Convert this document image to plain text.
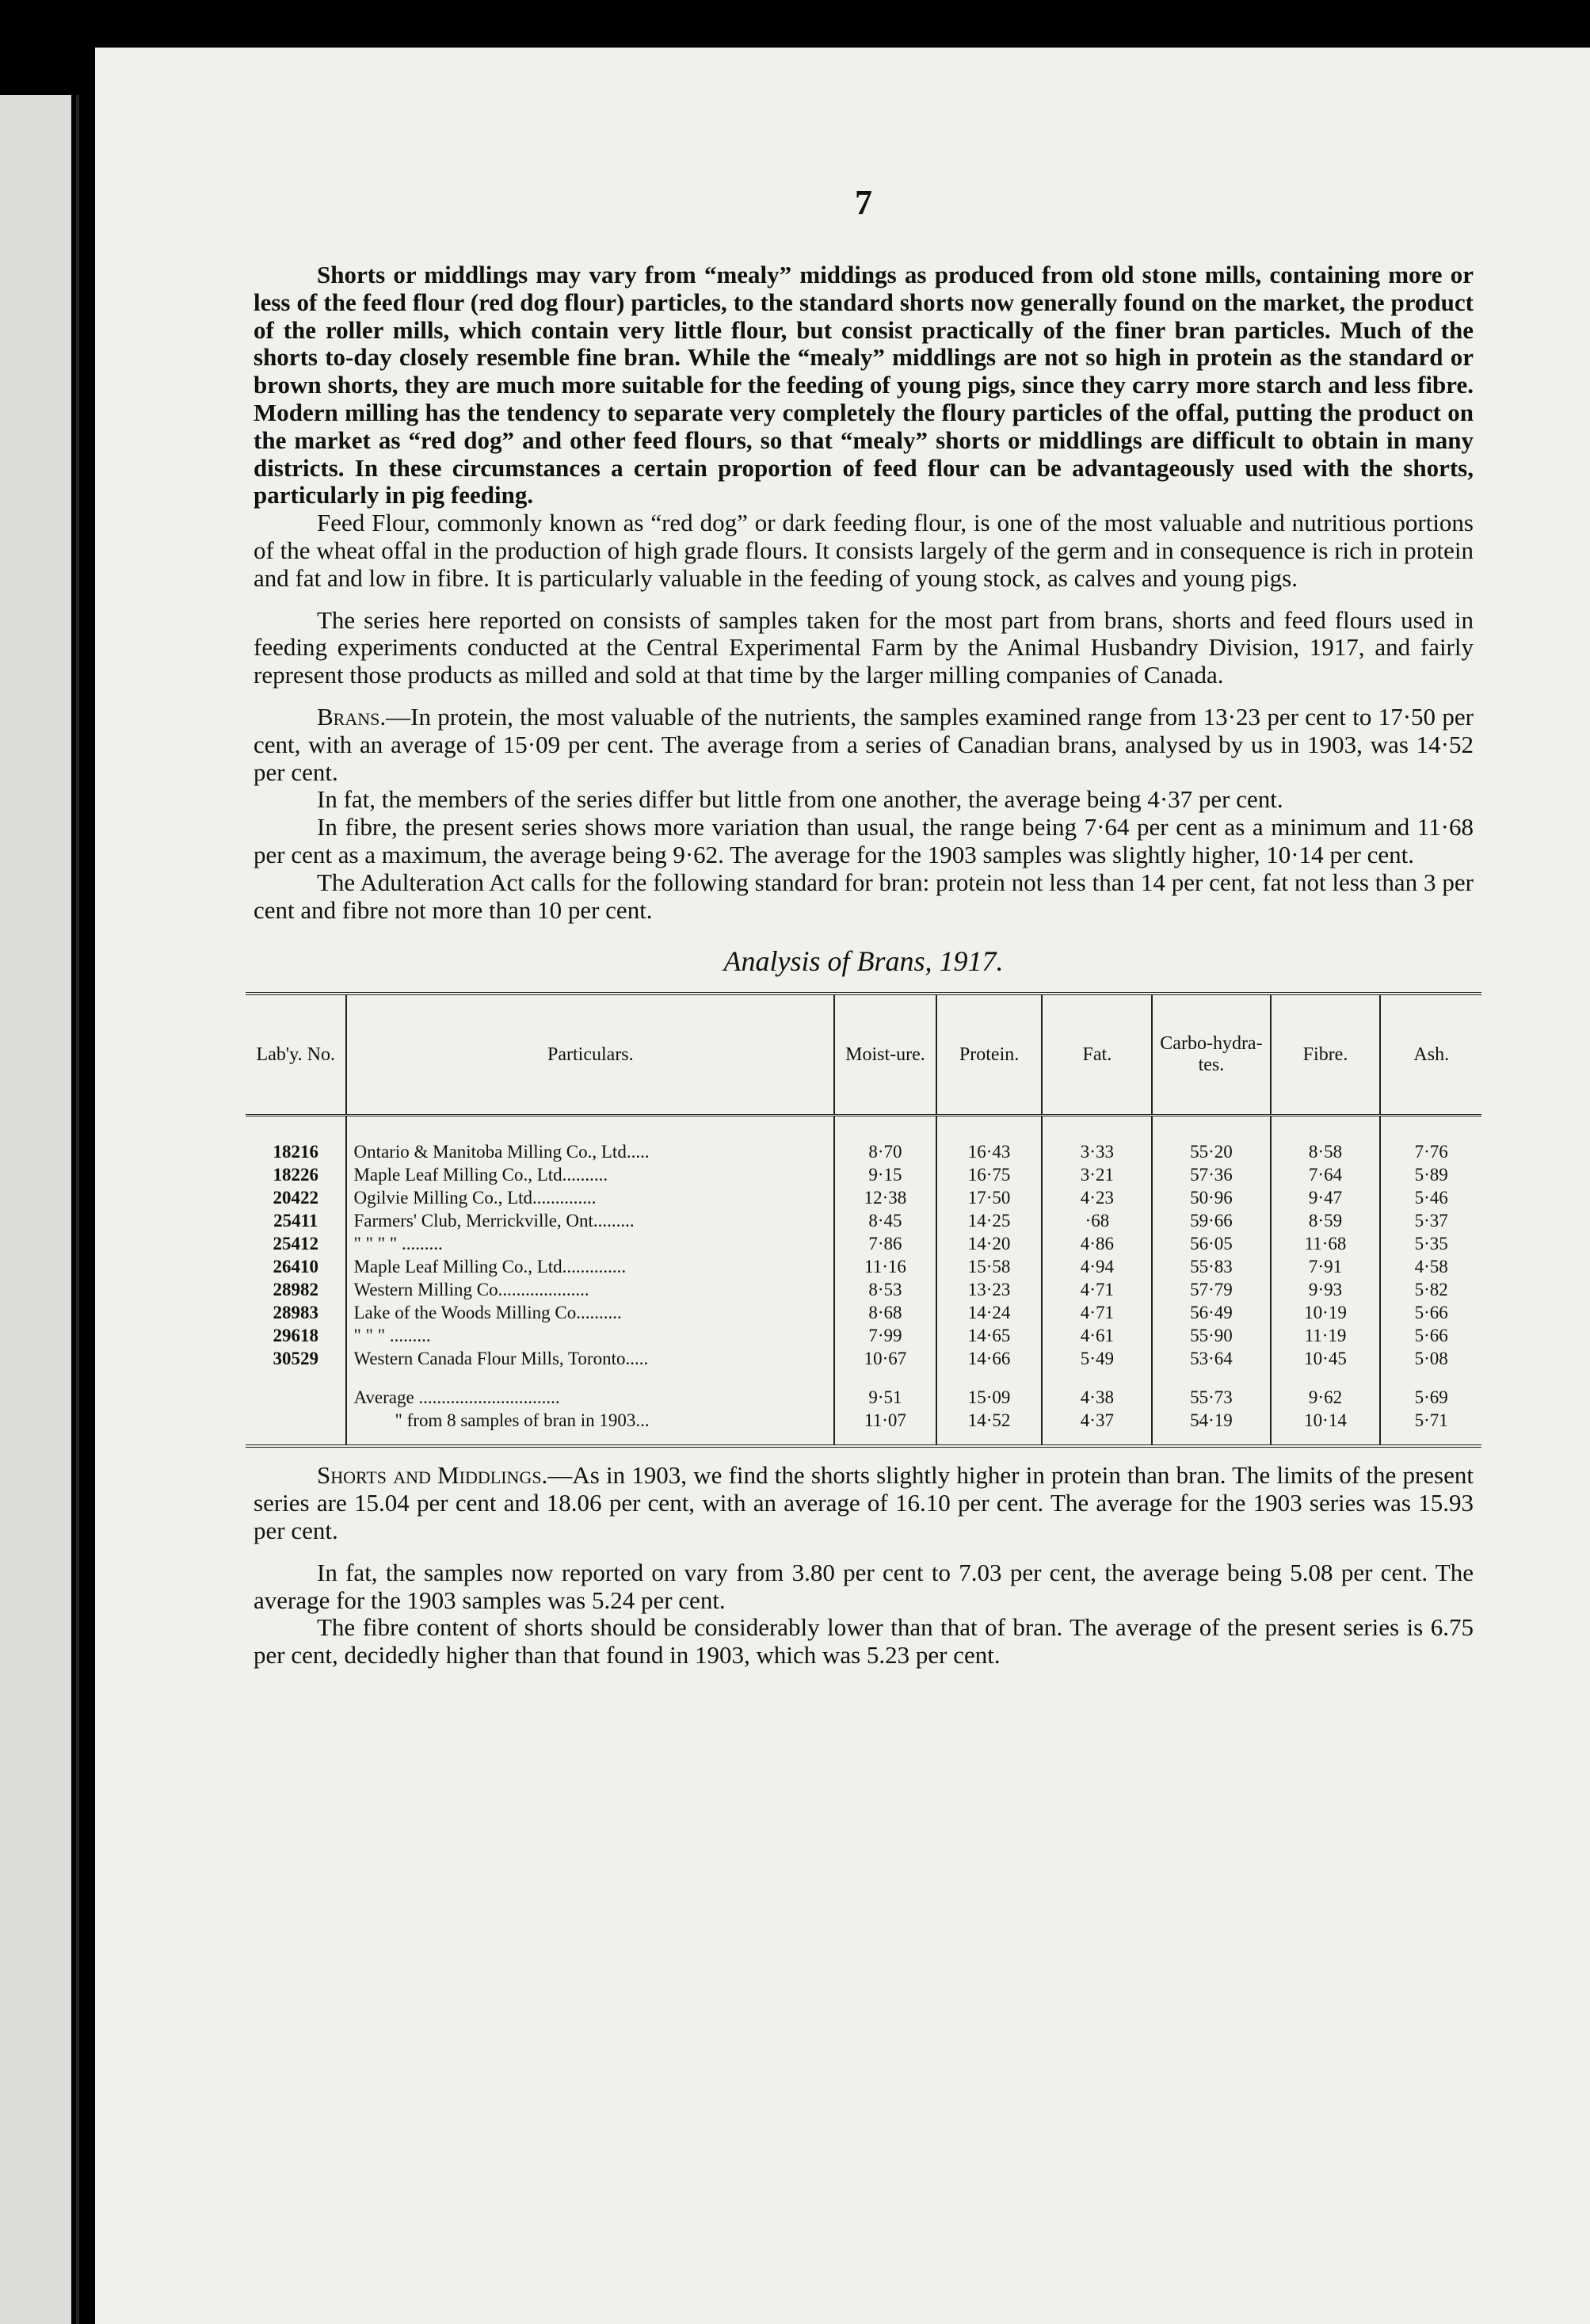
7

Shorts or middlings may vary from “mealy” middings as produced from old stone mills, containing more or less of the feed flour (red dog flour) particles, to the standard shorts now generally found on the market, the product of the roller mills, which contain very little flour, but consist practically of the finer bran particles. Much of the shorts to-day closely resemble fine bran. While the “mealy” middlings are not so high in protein as the standard or brown shorts, they are much more suitable for the feeding of young pigs, since they carry more starch and less fibre. Modern milling has the tendency to separate very completely the floury particles of the offal, putting the product on the market as “red dog” and other feed flours, so that “mealy” shorts or middlings are difficult to obtain in many districts. In these circumstances a certain proportion of feed flour can be advantageously used with the shorts, particularly in pig feeding.

Feed Flour, commonly known as “red dog” or dark feeding flour, is one of the most valuable and nutritious portions of the wheat offal in the production of high grade flours. It consists largely of the germ and in consequence is rich in protein and fat and low in fibre. It is particularly valuable in the feeding of young stock, as calves and young pigs.

The series here reported on consists of samples taken for the most part from brans, shorts and feed flours used in feeding experiments conducted at the Central Experimental Farm by the Animal Husbandry Division, 1917, and fairly represent those products as milled and sold at that time by the larger milling companies of Canada.

Brans.—In protein, the most valuable of the nutrients, the samples examined range from 13·23 per cent to 17·50 per cent, with an average of 15·09 per cent. The average from a series of Canadian brans, analysed by us in 1903, was 14·52 per cent.

In fat, the members of the series differ but little from one another, the average being 4·37 per cent.

In fibre, the present series shows more variation than usual, the range being 7·64 per cent as a minimum and 11·68 per cent as a maximum, the average being 9·62. The average for the 1903 samples was slightly higher, 10·14 per cent.

The Adulteration Act calls for the following standard for bran: protein not less than 14 per cent, fat not less than 3 per cent and fibre not more than 10 per cent.

Analysis of Brans, 1917.
Lab'y. No.	Particulars.	Moist-ure.	Protein.	Fat.	Carbo-hydra-tes.	Fibre.	Ash.
18216	Ontario & Manitoba Milling Co., Ltd.....	8·70	16·43	3·33	55·20	8·58	7·76
18226	Maple Leaf Milling Co., Ltd..........	9·15	16·75	3·21	57·36	7·64	5·89
20422	Ogilvie Milling Co., Ltd..............	12·38	17·50	4·23	50·96	9·47	5·46
25411	Farmers' Club, Merrickville, Ont.........	8·45	14·25	·68	59·66	8·59	5·37
25412	" " " " .........	7·86	14·20	4·86	56·05	11·68	5·35
26410	Maple Leaf Milling Co., Ltd..............	11·16	15·58	4·94	55·83	7·91	4·58
28982	Western Milling Co....................	8·53	13·23	4·71	57·79	9·93	5·82
28983	Lake of the Woods Milling Co..........	8·68	14·24	4·71	56·49	10·19	5·66
29618	" " " .........	7·99	14·65	4·61	55·90	11·19	5·66
30529	Western Canada Flour Mills, Toronto.....	10·67	14·66	5·49	53·64	10·45	5·08
	Average ...............................	9·51	15·09	4·38	55·73	9·62	5·69
	" from 8 samples of bran in 1903...	11·07	14·52	4·37	54·19	10·14	5·71

Shorts and Middlings.—As in 1903, we find the shorts slightly higher in protein than bran. The limits of the present series are 15.04 per cent and 18.06 per cent, with an average of 16.10 per cent. The average for the 1903 series was 15.93 per cent.

In fat, the samples now reported on vary from 3.80 per cent to 7.03 per cent, the average being 5.08 per cent. The average for the 1903 samples was 5.24 per cent.

The fibre content of shorts should be considerably lower than that of bran. The average of the present series is 6.75 per cent, decidedly higher than that found in 1903, which was 5.23 per cent.
